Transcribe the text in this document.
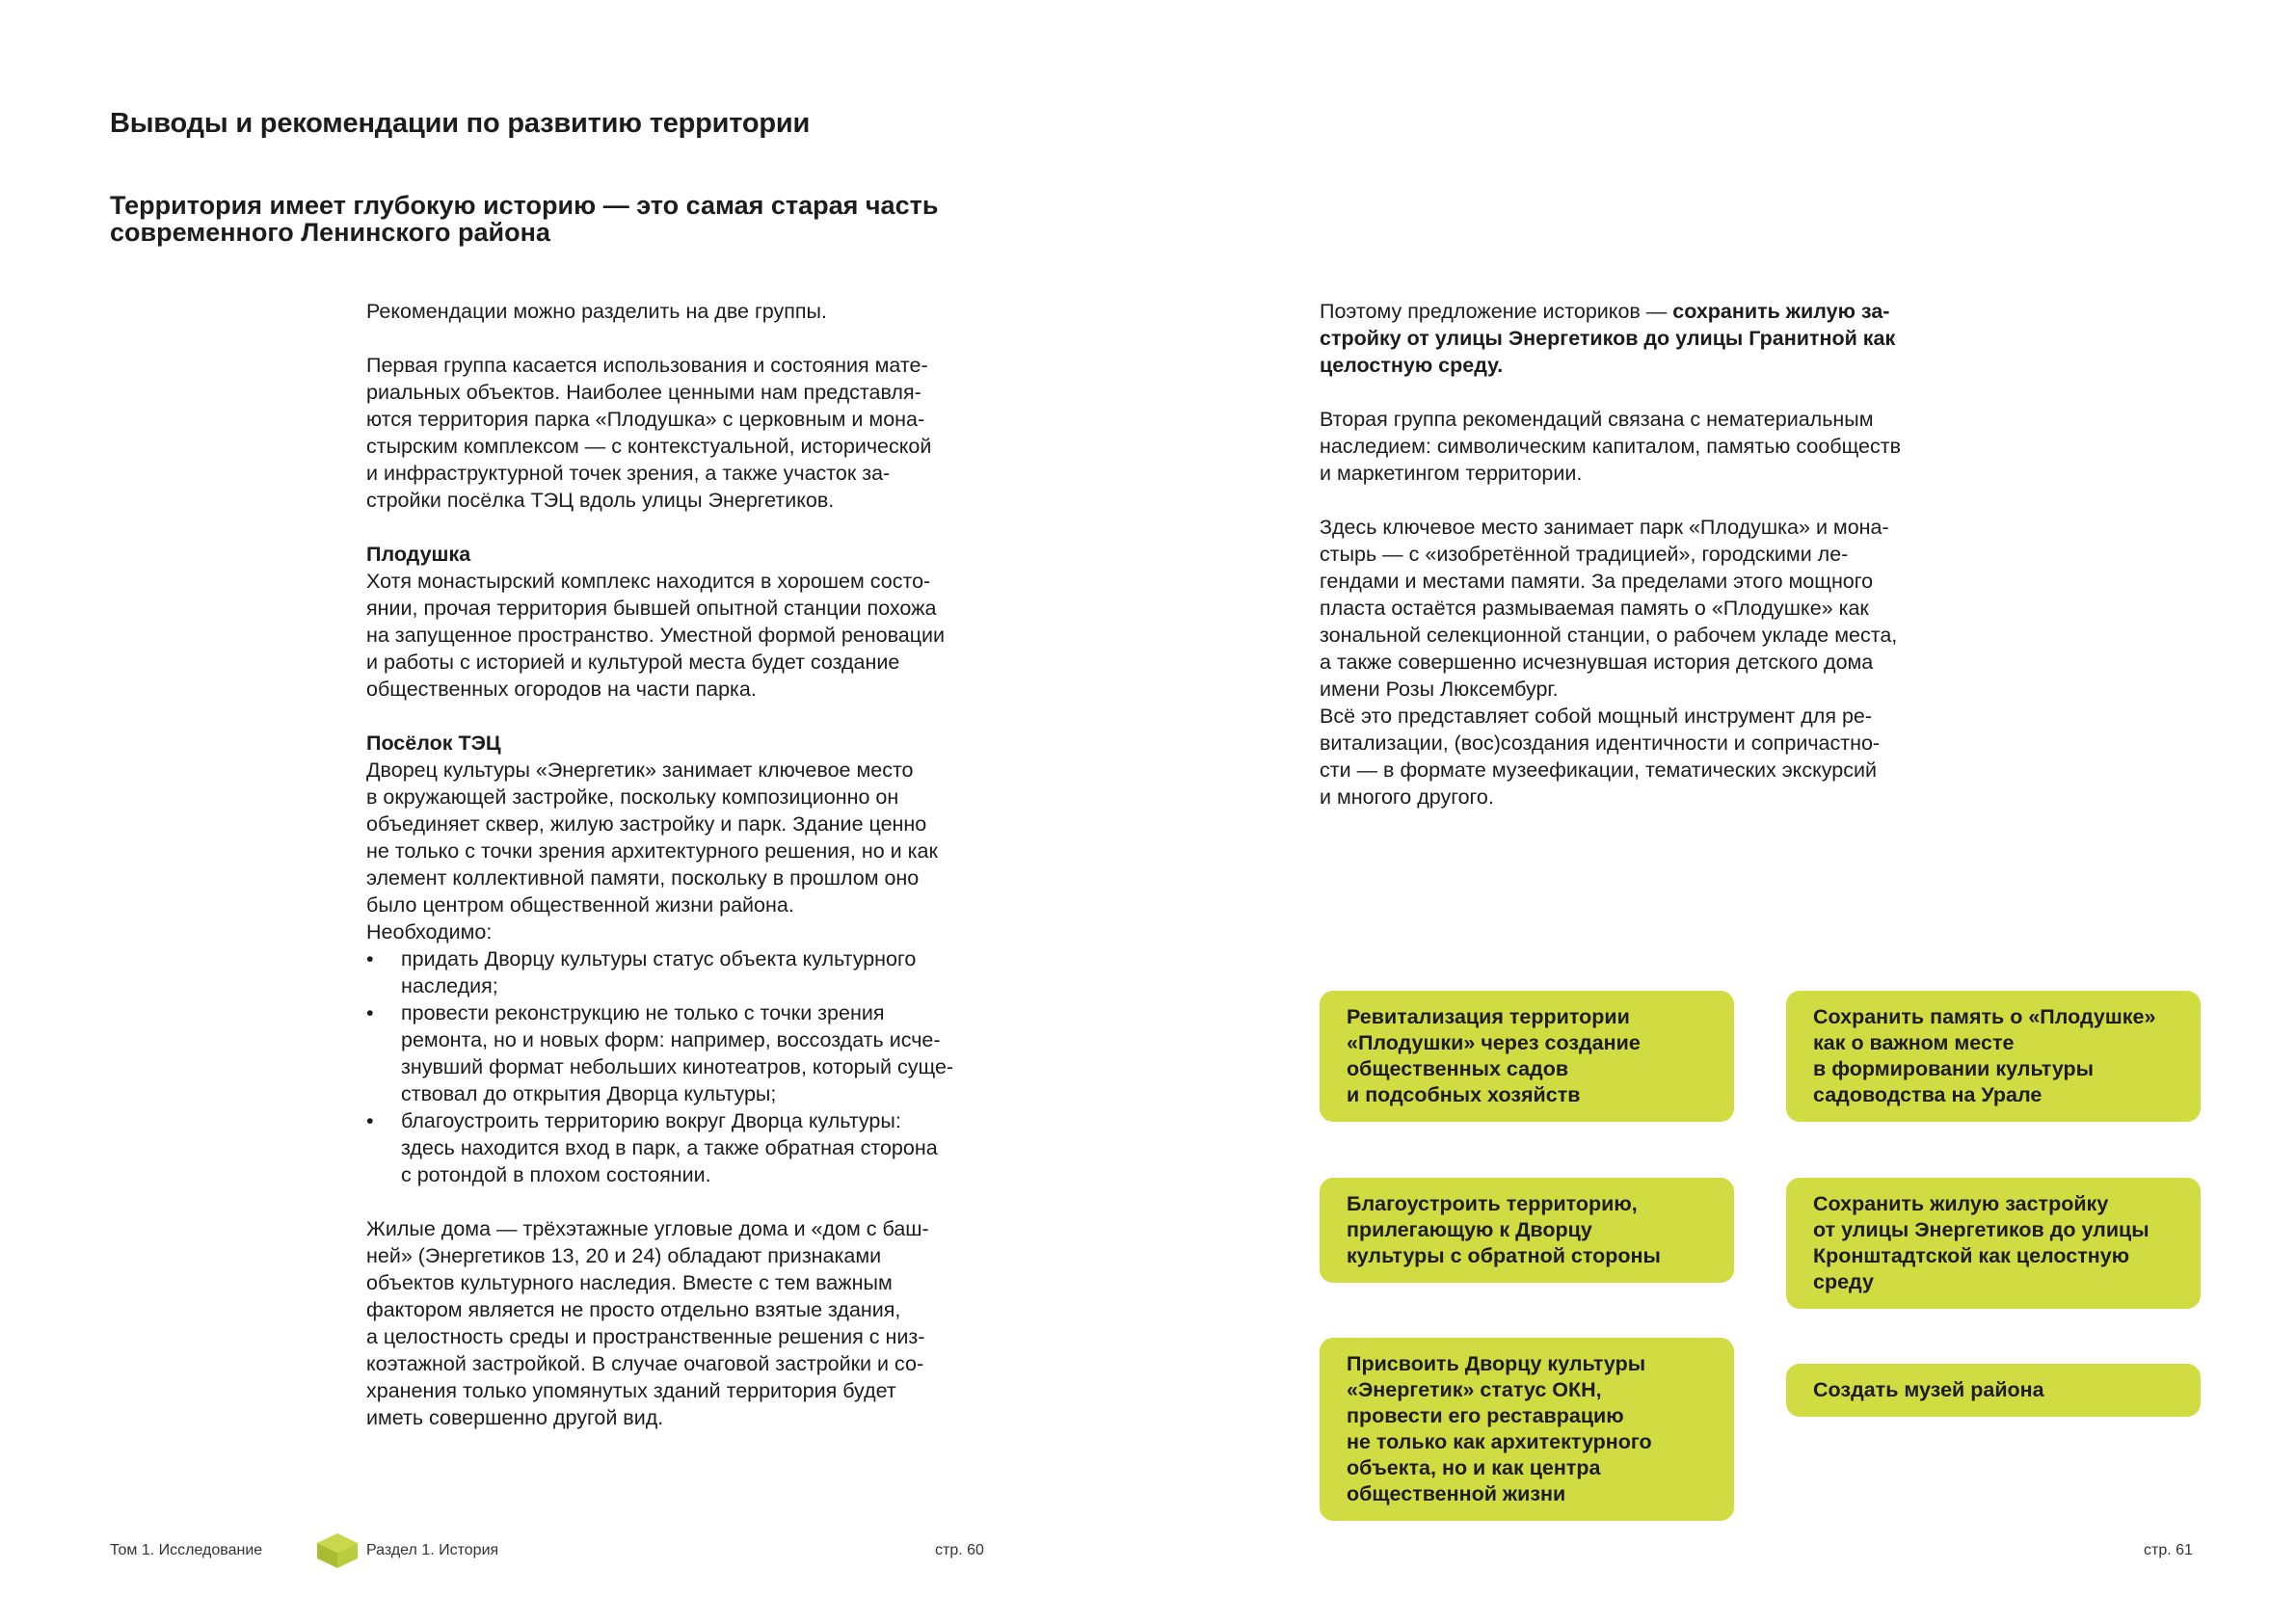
Выводы и рекомендации по развитию территории
Территория имеет глубокую историю — это самая старая часть
современного Ленинского района

Рекомендации можно разделить на две группы.

Первая группа касается использования и состояния мате-
риальных объектов. Наиболее ценными нам представля-
ются территория парка «Плодушка» с церковным и мона-
стырским комплексом — с контекстуальной, исторической
и инфраструктурной точек зрения, а также участок за-
стройки посёлка ТЭЦ вдоль улицы Энергетиков.

Плодушка

Хотя монастырский комплекс находится в хорошем состо-
янии, прочая территория бывшей опытной станции похожа
на запущенное пространство. Уместной формой реновации
и работы с историей и культурой места будет создание
общественных огородов на части парка.

Посёлок ТЭЦ

Дворец культуры «Энергетик» занимает ключевое место
в окружающей застройке, поскольку композиционно он
объединяет сквер, жилую застройку и парк. Здание ценно
не только с точки зрения архитектурного решения, но и как
элемент коллективной памяти, поскольку в прошлом оно
было центром общественной жизни района.
Необходимо:

• придать Дворцу культуры статус объекта культурного
наследия;
• провести реконструкцию не только с точки зрения
ремонта, но и новых форм: например, воссоздать исче-
знувший формат небольших кинотеатров, который суще-
ствовал до открытия Дворца культуры;
• благоустроить территорию вокруг Дворца культуры:
здесь находится вход в парк, а также обратная сторона
с ротондой в плохом состоянии.

Жилые дома — трёхэтажные угловые дома и «дом с баш-
ней» (Энергетиков 13, 20 и 24) обладают признаками
объектов культурного наследия. Вместе с тем важным
фактором является не просто отдельно взятые здания,
а целостность среды и пространственные решения с низ-
коэтажной застройкой. В случае очаговой застройки и со-
хранения только упомянутых зданий территория будет
иметь совершенно другой вид.

Поэтому предложение историков — сохранить жилую за-
стройку от улицы Энергетиков до улицы Гранитной как
целостную среду.

Вторая группа рекомендаций связана с нематериальным
наследием: символическим капиталом, памятью сообществ
и маркетингом территории.

Здесь ключевое место занимает парк «Плодушка» и мона-
стырь — с «изобретённой традицией», городскими ле-
гендами и местами памяти. За пределами этого мощного
пласта остаётся размываемая память о «Плодушке» как
зональной селекционной станции, о рабочем укладе места,
а также совершенно исчезнувшая история детского дома
имени Розы Люксембург.
Всё это представляет собой мощный инструмент для ре-
витализации, (вос)создания идентичности и сопричастно-
сти — в формате музеефикации, тематических экскурсий
и многого другого.

Ревитализация территории
«Плодушки» через создание
общественных садов
и подсобных хозяйств
Сохранить память о «Плодушке»
как о важном месте
в формировании культуры
садоводства на Урале
Благоустроить территорию,
прилегающую к Дворцу
культуры с обратной стороны
Сохранить жилую застройку
от улицы Энергетиков до улицы
Кронштадтской как целостную
среду
Присвоить Дворцу культуры
«Энергетик» статус ОКН,
провести его реставрацию
не только как архитектурного
объекта, но и как центра
общественной жизни
Создать музей района
Том 1. Исследование	Раздел 1. История	стр. 60	стр. 61
